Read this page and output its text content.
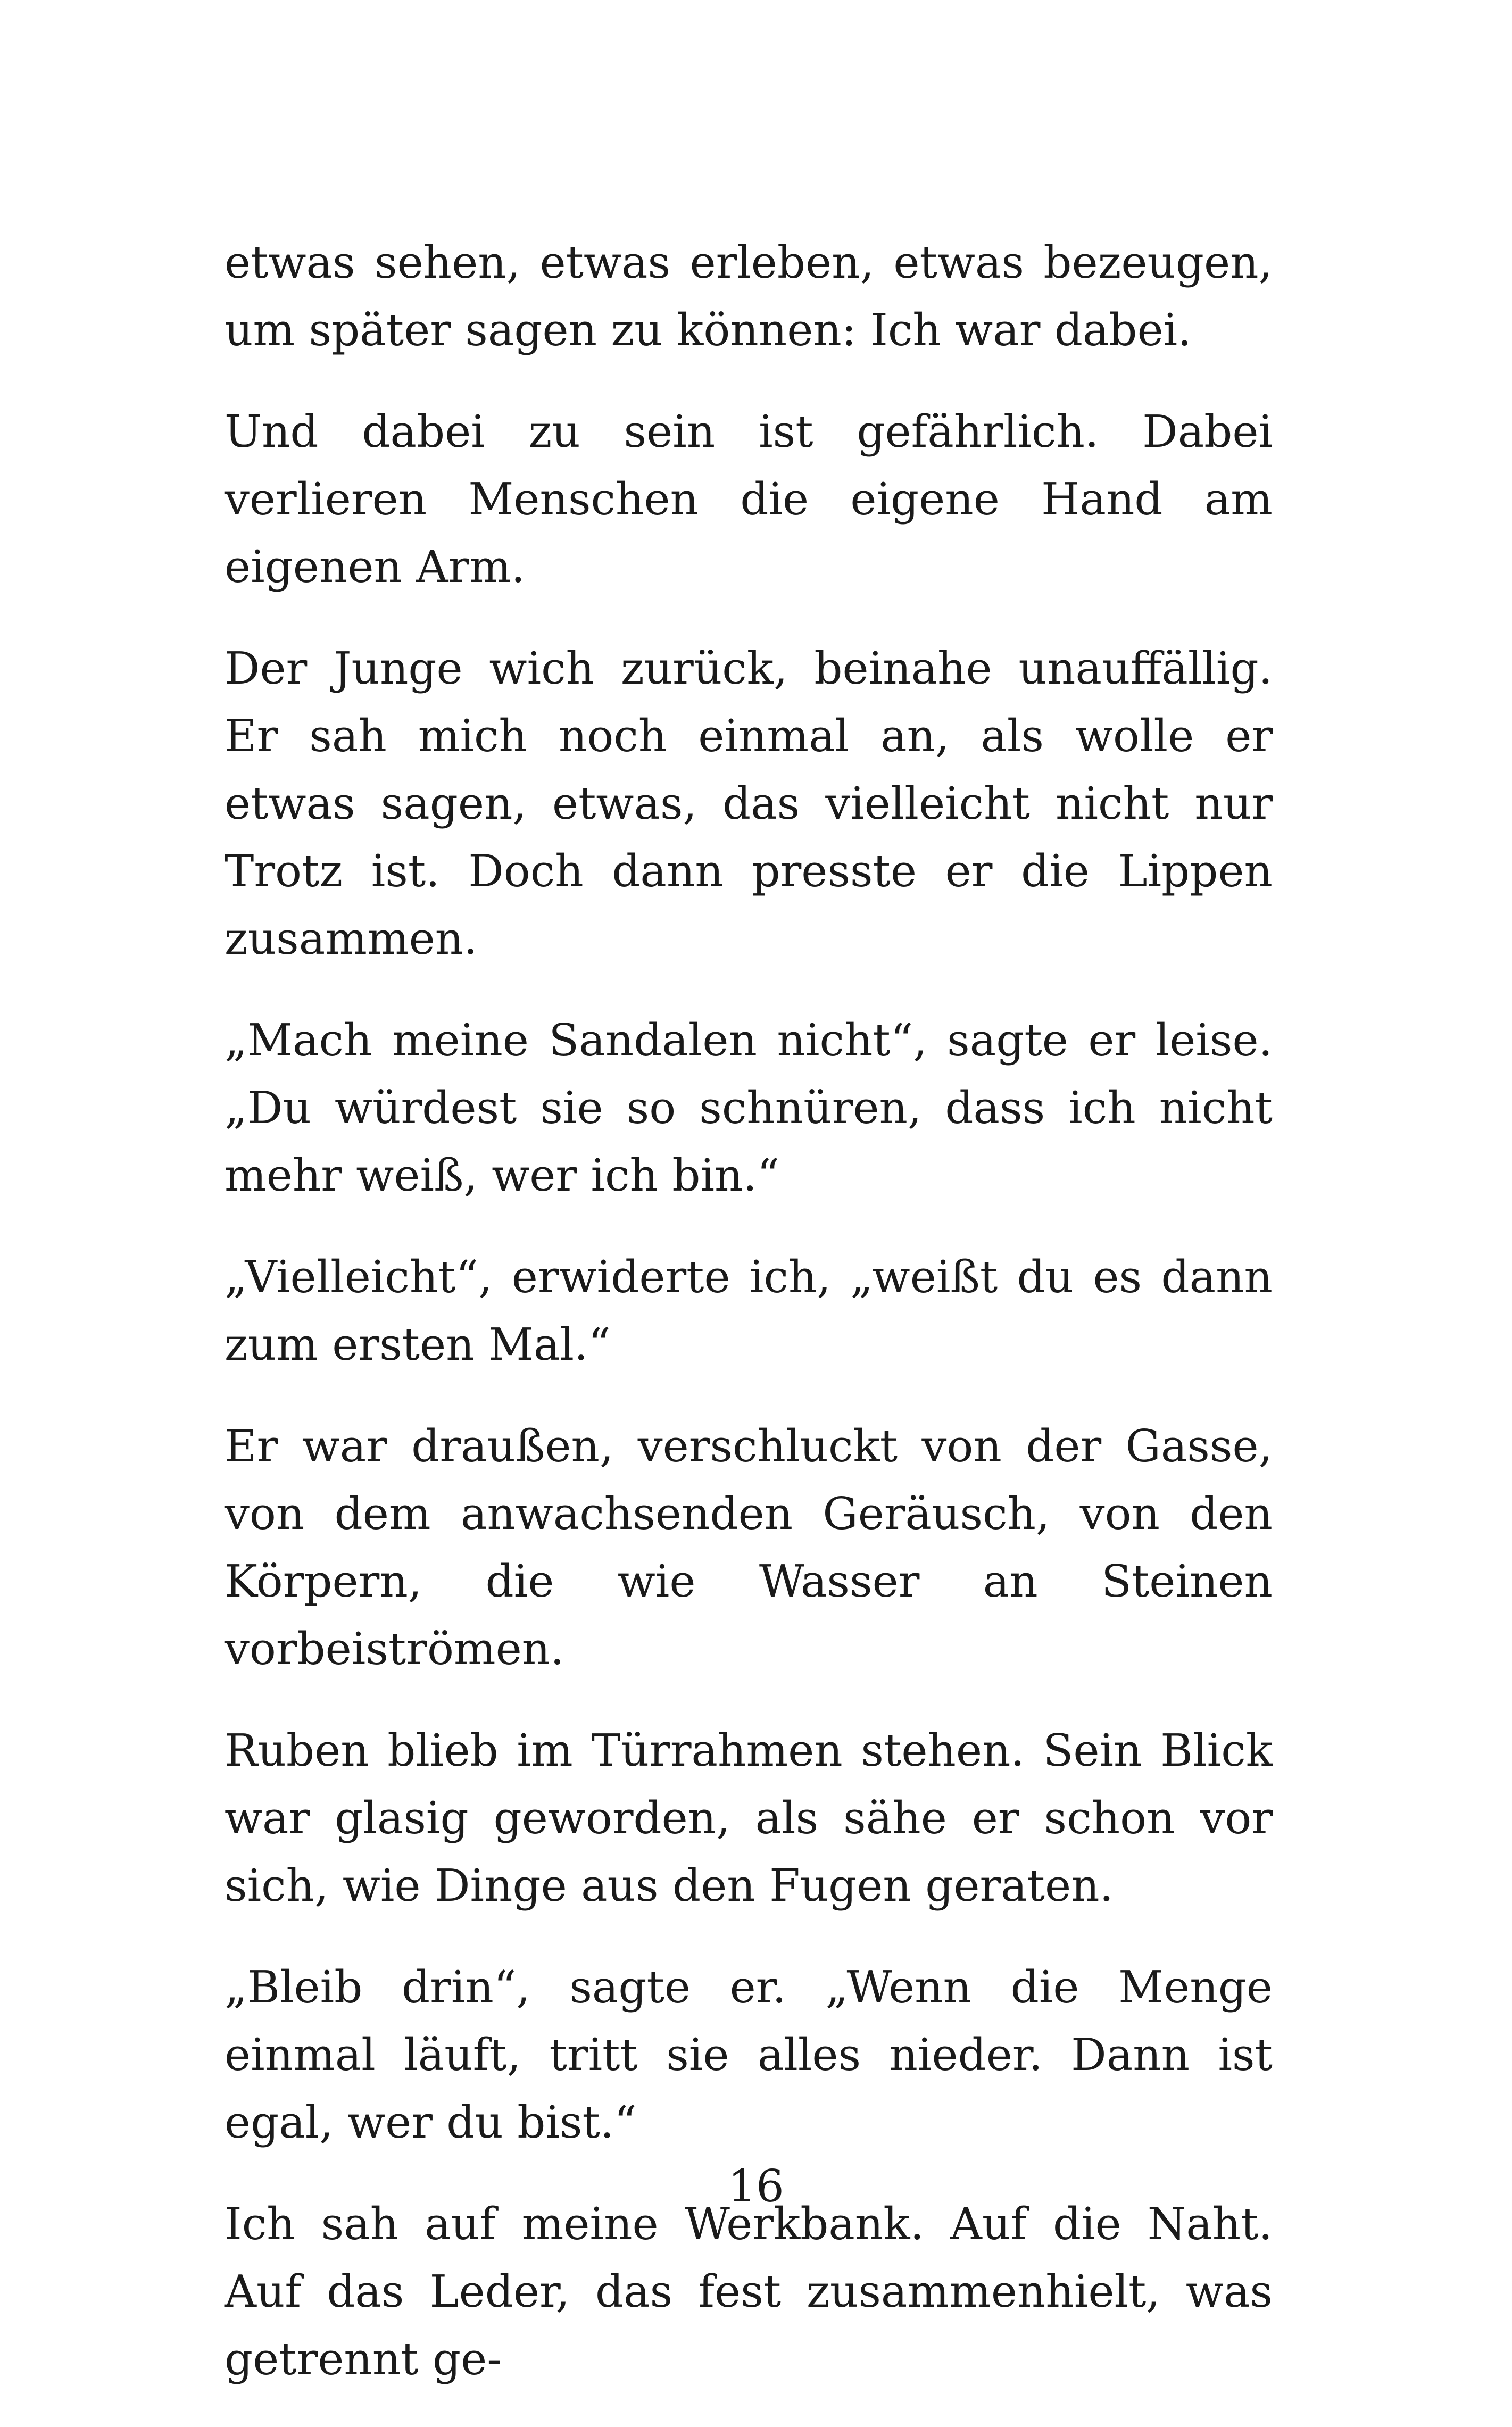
etwas sehen, etwas erleben, etwas bezeugen, um später sagen zu können: Ich war dabei.

Und dabei zu sein ist gefährlich. Dabei verlieren Menschen die eigene Hand am eigenen Arm.

Der Junge wich zurück, beinahe unauffällig. Er sah mich noch einmal an, als wolle er etwas sagen, etwas, das vielleicht nicht nur Trotz ist. Doch dann presste er die Lippen zusammen.

„Mach meine Sandalen nicht“, sagte er leise. „Du würdest sie so schnüren, dass ich nicht mehr weiß, wer ich bin.“

„Vielleicht“, erwiderte ich, „weißt du es dann zum ersten Mal.“

Er war draußen, verschluckt von der Gasse, von dem anwachsenden Geräusch, von den Körpern, die wie Wasser an Steinen vorbeiströmen.

Ruben blieb im Türrahmen stehen. Sein Blick war glasig geworden, als sähe er schon vor sich, wie Dinge aus den Fugen geraten.

„Bleib drin“, sagte er. „Wenn die Menge einmal läuft, tritt sie alles nieder. Dann ist egal, wer du bist.“

Ich sah auf meine Werkbank. Auf die Naht. Auf das Leder, das fest zusammenhielt, was getrennt ge-

16
